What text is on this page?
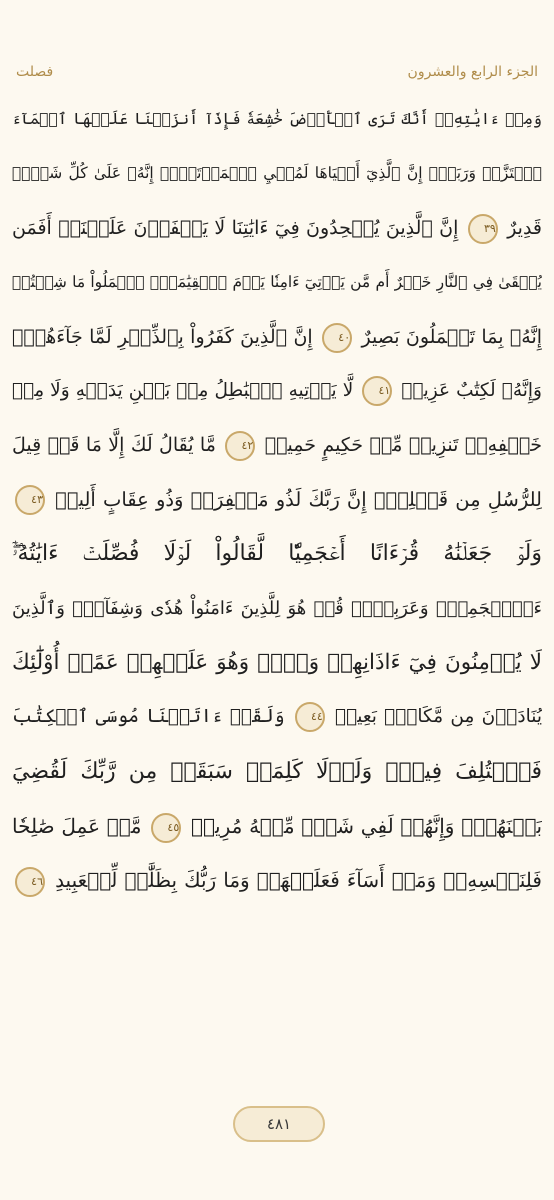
فصلت	الجزء الرابع والعشرون
وَمِنۡ ءَايَٰتِهِۦٓ أَنَّكَ تَرَى ٱلۡأَرۡضَ خَٰشِعَةٗ فَإِذَآ أَنزَلۡنَا عَلَيۡهَا ٱلۡمَآءَ
ٱهۡتَزَّتۡ وَرَبَتۡۚ إِنَّ ٱلَّذِيٓ أَحۡيَاهَا لَمُحۡيِ ٱلۡمَوۡتَىٰٓۚ إِنَّهُۥ عَلَىٰ كُلِّ شَيۡءٖ
قَدِيرٌ ٣٩ إِنَّ ٱلَّذِينَ يُلۡحِدُونَ فِيٓ ءَايَٰتِنَا لَا يَخۡفَوۡنَ عَلَيۡنَآۗ أَفَمَن
يُلۡقَىٰ فِي ٱلنَّارِ خَيۡرٌ أَم مَّن يَأۡتِيٓ ءَامِنٗا يَوۡمَ ٱلۡقِيَٰمَةِۚ ٱعۡمَلُواْ مَا شِئۡتُمۡ
إِنَّهُۥ بِمَا تَعۡمَلُونَ بَصِيرٌ ٤٠ إِنَّ ٱلَّذِينَ كَفَرُواْ بِٱلذِّكۡرِ لَمَّا جَآءَهُمۡۖ
وَإِنَّهُۥ لَكِتَٰبٌ عَزِيزٞ ٤١ لَّا يَأۡتِيهِ ٱلۡبَٰطِلُ مِنۢ بَيۡنِ يَدَيۡهِ وَلَا مِنۡ
خَلۡفِهِۦۖ تَنزِيلٞ مِّنۡ حَكِيمٍ حَمِيدٖ ٤٢ مَّا يُقَالُ لَكَ إِلَّا مَا قَدۡ قِيلَ
لِلرُّسُلِ مِن قَبۡلِكَۚ إِنَّ رَبَّكَ لَذُو مَغۡفِرَةٖ وَذُو عِقَابٍ أَلِيمٖ ٤٣
وَلَوۡ جَعَلۡنَٰهُ قُرۡءَانًا أَعۡجَمِيّٗا لَّقَالُواْ لَوۡلَا فُصِّلَتۡ ءَايَٰتُهُۥٓۖ
ءَا۬عۡجَمِيّٞ وَعَرَبِيّٞۗ قُلۡ هُوَ لِلَّذِينَ ءَامَنُواْ هُدٗى وَشِفَآءٞۚ وَٱلَّذِينَ
لَا يُؤۡمِنُونَ فِيٓ ءَاذَانِهِمۡ وَقۡرٞ وَهُوَ عَلَيۡهِمۡ عَمًىۚ أُوْلَٰٓئِكَ
يُنَادَوۡنَ مِن مَّكَانِۭ بَعِيدٖ ٤٤ وَلَقَدۡ ءَاتَيۡنَا مُوسَى ٱلۡكِتَٰبَ
فَٱخۡتُلِفَ فِيهِۗ وَلَوۡلَا كَلِمَةٞ سَبَقَتۡ مِن رَّبِّكَ لَقُضِيَ
بَيۡنَهُمۡۚ وَإِنَّهُمۡ لَفِي شَكّٖ مِّنۡهُ مُرِيبٖ ٤٥ مَّنۡ عَمِلَ صَٰلِحٗا
فَلِنَفۡسِهِۦۖ وَمَنۡ أَسَآءَ فَعَلَيۡهَاۗ وَمَا رَبُّكَ بِظَلَّٰمٖ لِّلۡعَبِيدِ ٤٦
٤٨١
